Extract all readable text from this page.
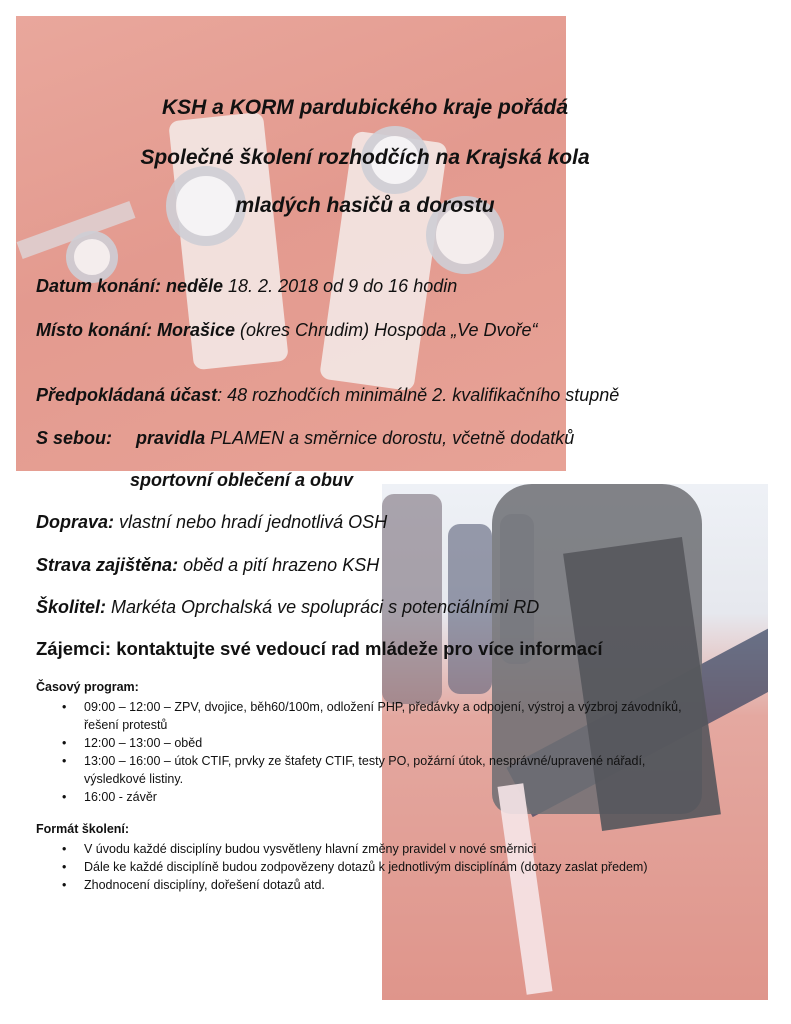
KSH a KORM pardubického kraje pořádá
Společné školení rozhodčích na Krajská kola
mladých hasičů a dorostu
Datum konání: neděle 18. 2. 2018 od 9 do 16 hodin
Místo konání: Morašice (okres Chrudim) Hospoda „Ve Dvoře“
Předpokládaná účast: 48 rozhodčích minimálně 2. kvalifikačního stupně
S sebou: pravidla PLAMEN a směrnice dorostu, včetně dodatků
sportovní oblečení a obuv
Doprava: vlastní nebo hradí jednotlivá OSH
Strava zajištěna: oběd a pití hrazeno KSH
Školitel: Markéta Oprchalská ve spolupráci s potenciálními RD
Zájemci: kontaktujte své vedoucí rad mládeže pro více informací
Časový program:
• 09:00 – 12:00 – ZPV, dvojice, běh60/100m, odložení PHP, předávky a odpojení, výstroj a výzbroj závodníků, řešení protestů
• 12:00 – 13:00 – oběd
• 13:00 – 16:00 – útok CTIF, prvky ze štafety CTIF, testy PO, požární útok, nesprávné/upravené nářadí, výsledkové listiny.
• 16:00 - závěr
Formát školení:
• V úvodu každé disciplíny budou vysvětleny hlavní změny pravidel v nové směrnici
• Dále ke každé disciplíně budou zodpovězeny dotazů k jednotlivým disciplínám (dotazy zaslat předem)
• Zhodnocení disciplíny, dořešení dotazů atd.
